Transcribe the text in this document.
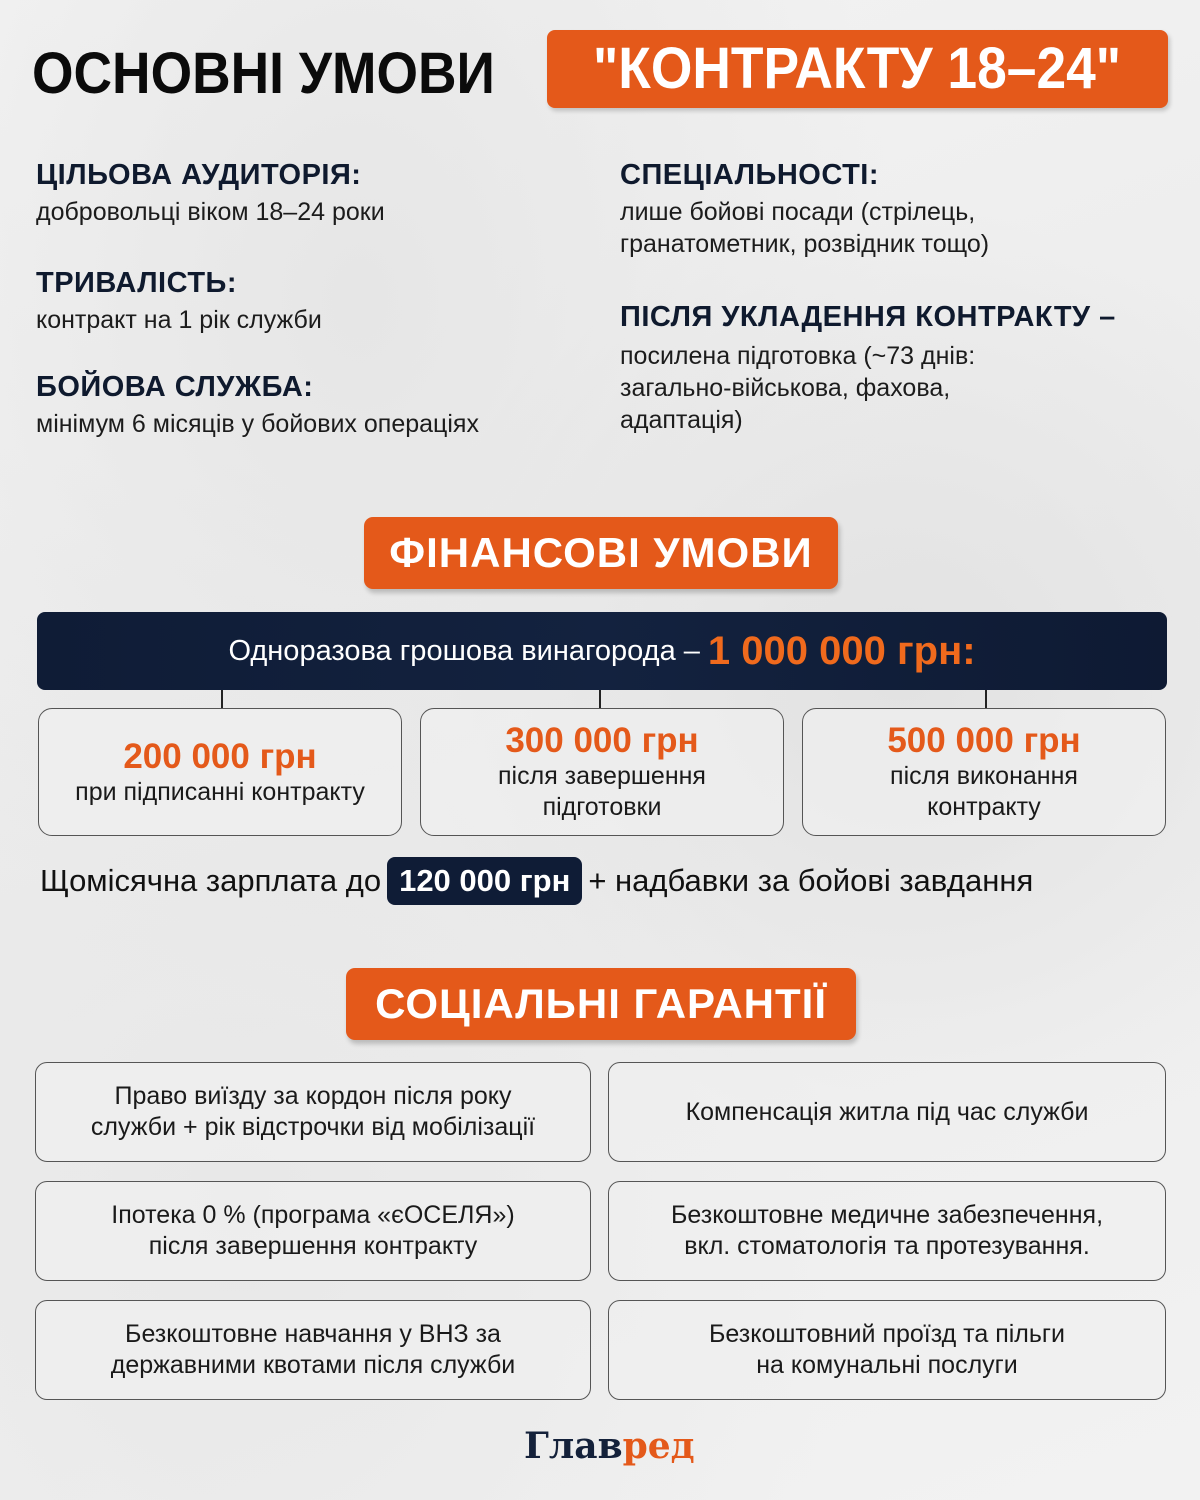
ОСНОВНІ УМОВИ "КОНТРАКТУ 18–24"
ЦІЛЬОВА АУДИТОРІЯ:
добровольці віком 18–24 роки
ТРИВАЛІСТЬ:
контракт на 1 рік служби
БОЙОВА СЛУЖБА:
мінімум 6 місяців у бойових операціях
СПЕЦІАЛЬНОСТІ:
лише бойові посади (стрілець,
гранатометник, розвідник тощо)
ПІСЛЯ УКЛАДЕННЯ КОНТРАКТУ –
посилена підготовка (~73 днів:
загально-військова, фахова,
адаптація)
ФІНАНСОВІ УМОВИ
Одноразова грошова винагорода – 1 000 000 грн:
200 000 грн
при підписанні контракту
300 000 грн
після завершення
підготовки
500 000 грн
після виконання
контракту
Щомісячна зарплата до 120 000 грн + надбавки за бойові завдання
СОЦІАЛЬНІ ГАРАНТІЇ
Право виїзду за кордон після року
служби + рік відстрочки від мобілізації
Компенсація житла під час служби
Іпотека 0 % (програма «єОСЕЛЯ»)
після завершення контракту
Безкоштовне медичне забезпечення,
вкл. стоматологія та протезування.
Безкоштовне навчання у ВНЗ за
державними квотами після служби
Безкоштовний проїзд та пільги
на комунальні послуги
Главред
